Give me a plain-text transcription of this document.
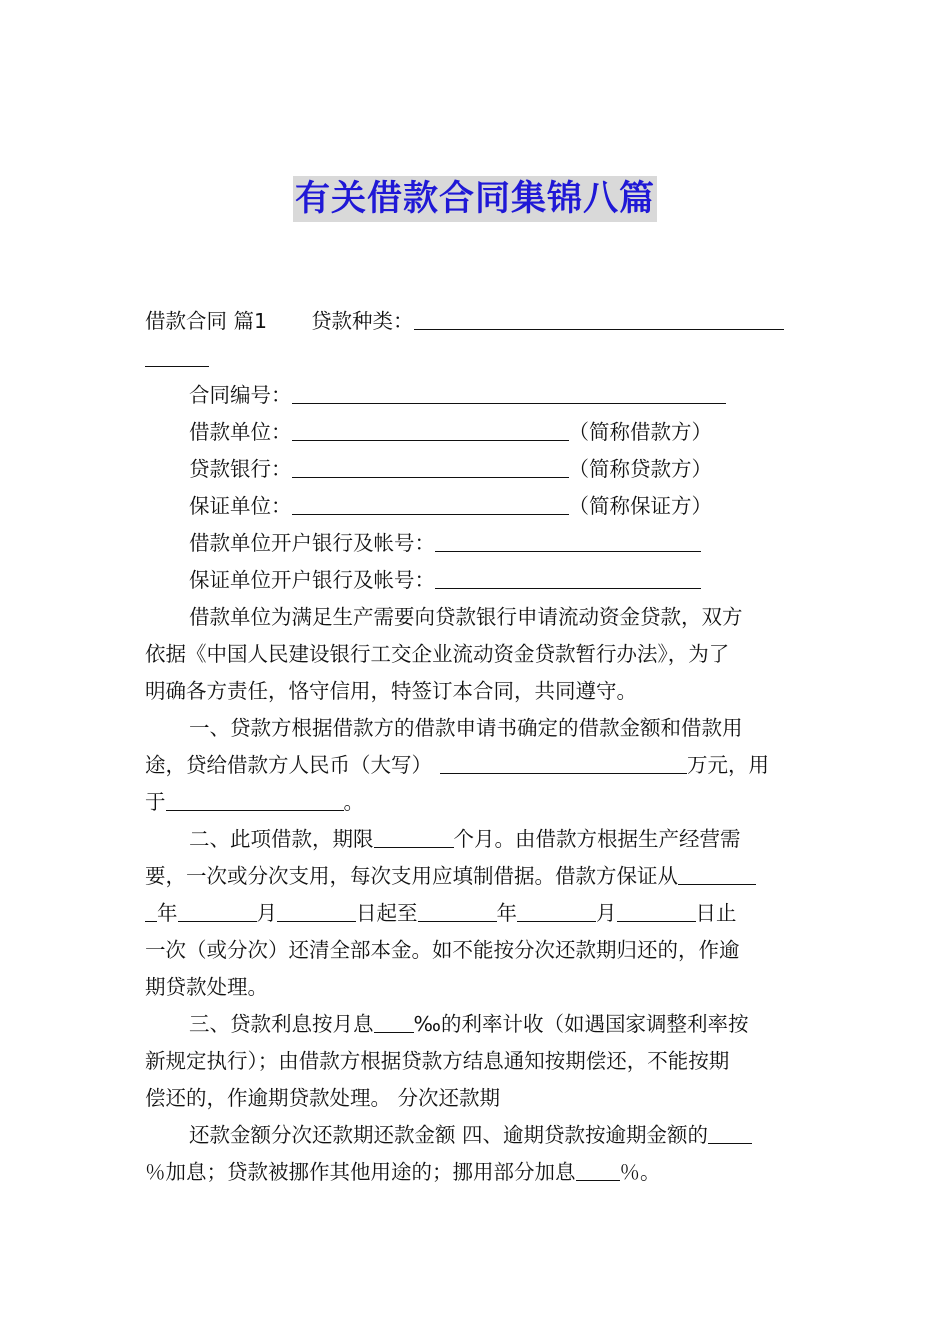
有关借款合同集锦八篇
借款合同 篇1 贷款种类：
合同编号：
借款单位：	（简称借款方）
贷款银行：	（简称贷款方）
保证单位：	（简称保证方）
借款单位开户银行及帐号：
保证单位开户银行及帐号：
借款单位为满足生产需要向贷款银行申请流动资金贷款，双方
依据《中国人民建设银行工交企业流动资金贷款暂行办法》，为了
明确各方责任，恪守信用，特签订本合同，共同遵守。
一、贷款方根据借款方的借款申请书确定的借款金额和借款用
途，贷给借款方人民币（大写）	万元，用
于	。
二、此项借款，期限	个月。由借款方根据生产经营需
要，一次或分次支用，每次支用应填制借据。借款方保证从
年	月	日起至	年	月	日止
一次（或分次）还清全部本金。如不能按分次还款期归还的，作逾
期贷款处理。
三、贷款利息按月息 ‰的利率计收（如遇国家调整利率按
新规定执行）；由借款方根据贷款方结息通知按期偿还，不能按期
偿还的，作逾期贷款处理。 分次还款期
还款金额分次还款期还款金额 四、逾期贷款按逾期金额的
％加息；贷款被挪作其他用途的；挪用部分加息 ％。
